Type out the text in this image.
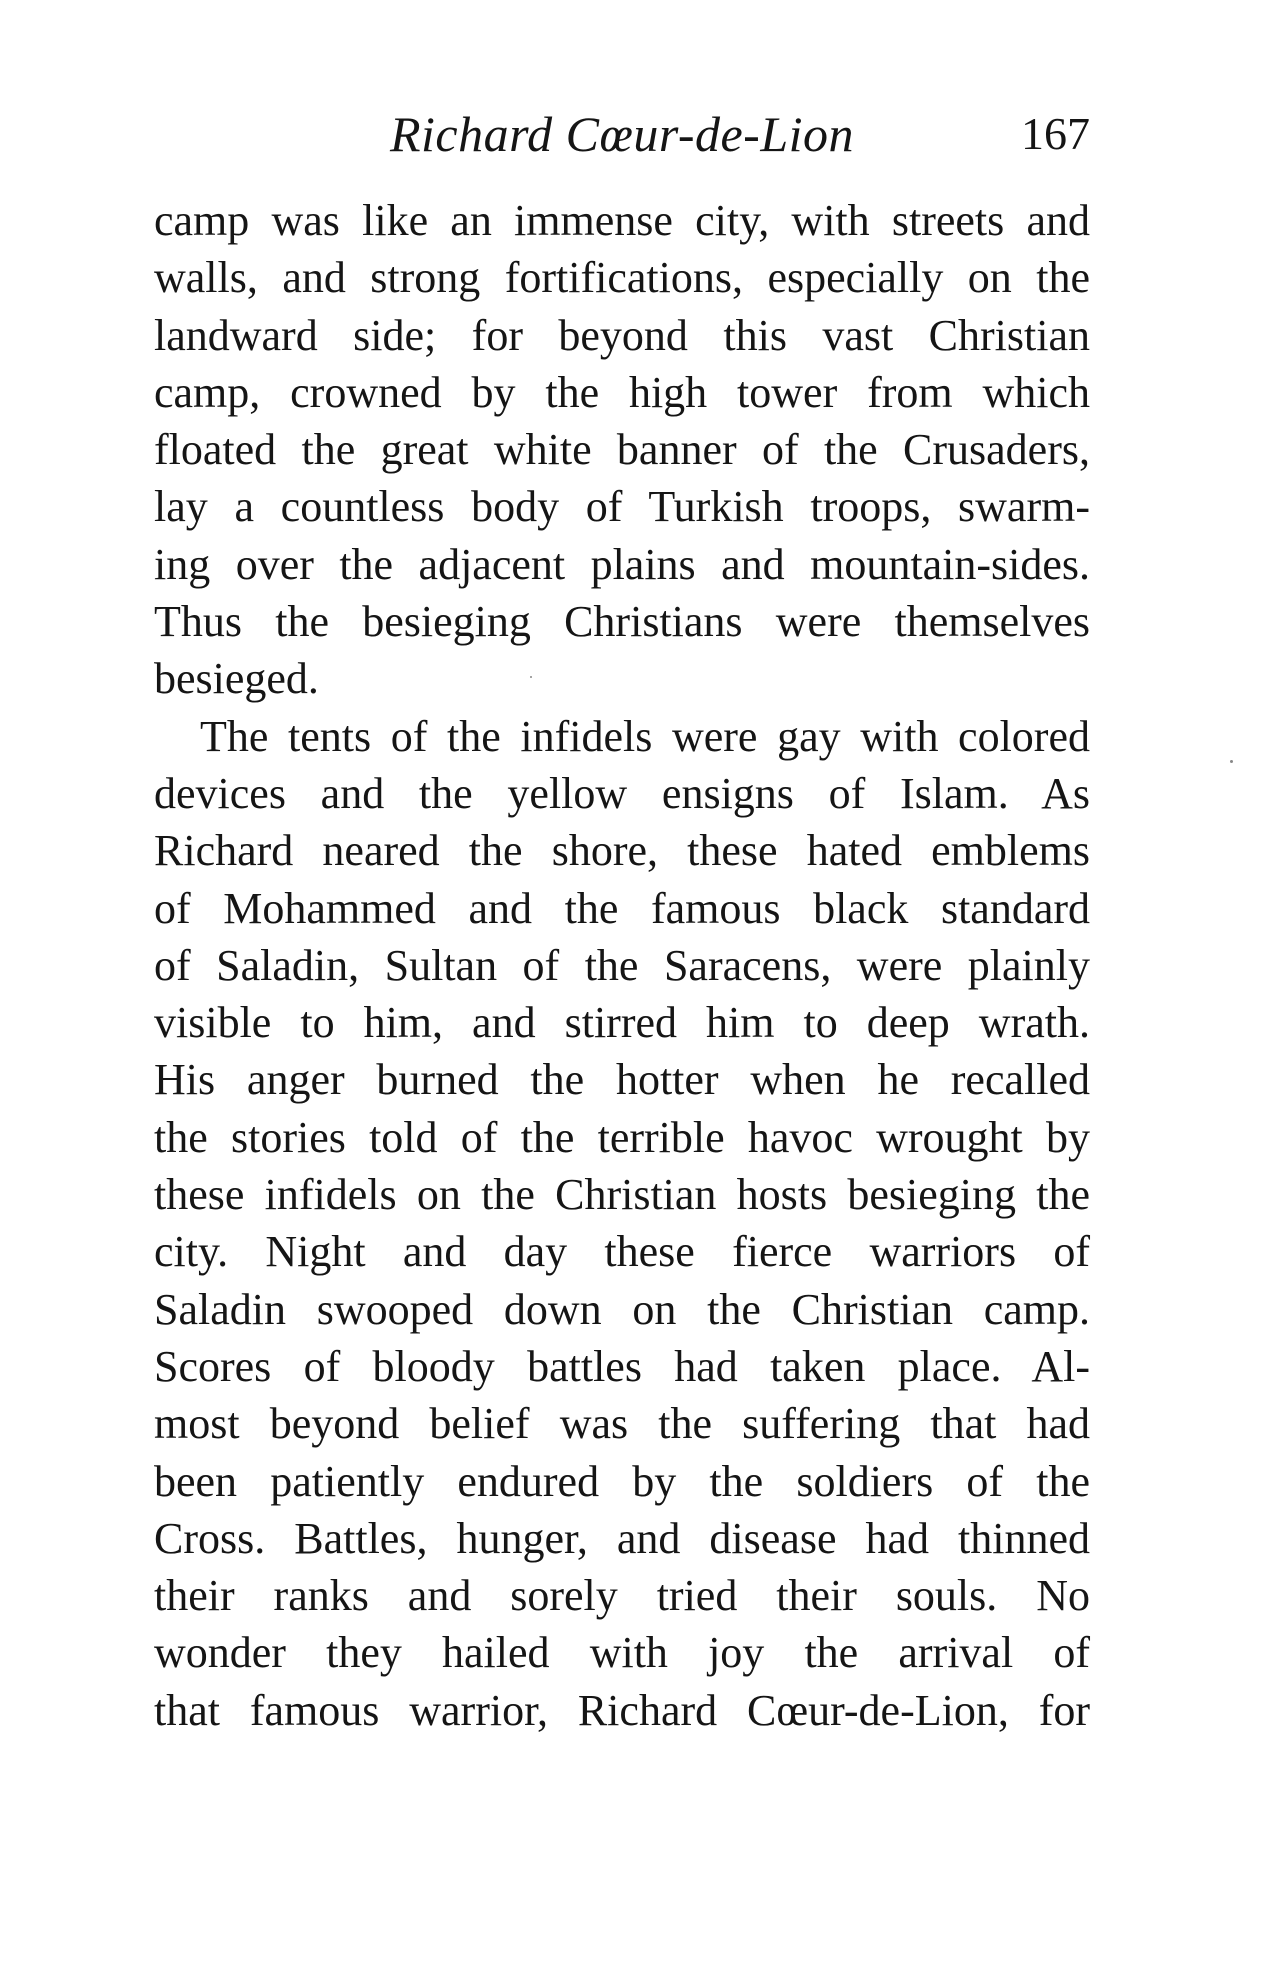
Richard Cœur-de-Lion	167
camp was like an immense city, with streets and
walls, and strong fortifications, especially on the
landward side; for beyond this vast Christian
camp, crowned by the high tower from which
floated the great white banner of the Crusaders,
lay a countless body of Turkish troops, swarm-
ing over the adjacent plains and mountain-sides.
Thus the besieging Christians were themselves
besieged.
The tents of the infidels were gay with colored
devices and the yellow ensigns of Islam. As
Richard neared the shore, these hated emblems
of Mohammed and the famous black standard
of Saladin, Sultan of the Saracens, were plainly
visible to him, and stirred him to deep wrath.
His anger burned the hotter when he recalled
the stories told of the terrible havoc wrought by
these infidels on the Christian hosts besieging the
city. Night and day these fierce warriors of
Saladin swooped down on the Christian camp.
Scores of bloody battles had taken place. Al-
most beyond belief was the suffering that had
been patiently endured by the soldiers of the
Cross. Battles, hunger, and disease had thinned
their ranks and sorely tried their souls. No
wonder they hailed with joy the arrival of
that famous warrior, Richard Cœur-de-Lion, for
